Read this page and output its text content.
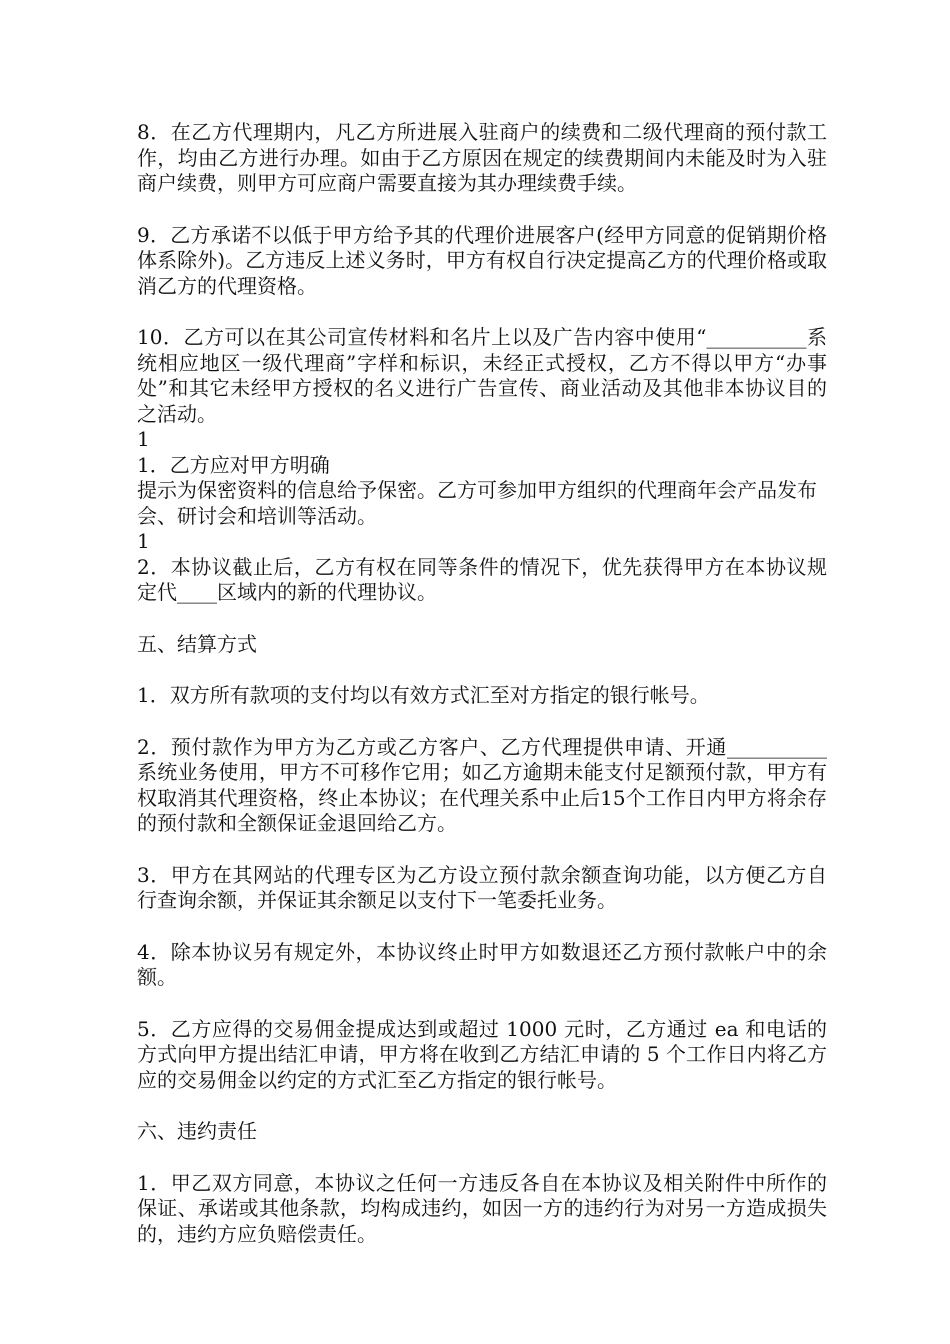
8．在乙方代理期内，凡乙方所进展入驻商户的续费和二级代理商的预付款工作，均由乙方进行办理。如由于乙方原因在规定的续费期间内未能及时为入驻商户续费，则甲方可应商户需要直接为其办理续费手续。

9．乙方承诺不以低于甲方给予其的代理价进展客户(经甲方同意的促销期价格体系除外)。乙方违反上述义务时，甲方有权自行决定提高乙方的代理价格或取消乙方的代理资格。

10．乙方可以在其公司宣传材料和名片上以及广告内容中使用“__________系统相应地区一级代理商”字样和标识，未经正式授权，乙方不得以甲方“办事处”和其它未经甲方授权的名义进行广告宣传、商业活动及其他非本协议目的之活动。

1

1．乙方应对甲方明确

提示为保密资料的信息给予保密。乙方可参加甲方组织的代理商年会产品发布会、研讨会和培训等活动。

1

2．本协议截止后，乙方有权在同等条件的情况下，优先获得甲方在本协议规定代____区域内的新的代理协议。

五、结算方式

1．双方所有款项的支付均以有效方式汇至对方指定的银行帐号。

2．预付款作为甲方为乙方或乙方客户、乙方代理提供申请、开通__________系统业务使用，甲方不可移作它用；如乙方逾期未能支付足额预付款，甲方有权取消其代理资格，终止本协议；在代理关系中止后15个工作日内甲方将余存的预付款和全额保证金退回给乙方。

3．甲方在其网站的代理专区为乙方设立预付款余额查询功能，以方便乙方自行查询余额，并保证其余额足以支付下一笔委托业务。

4．除本协议另有规定外，本协议终止时甲方如数退还乙方预付款帐户中的余额。

5．乙方应得的交易佣金提成达到或超过 1000 元时，乙方通过 ea 和电话的方式向甲方提出结汇申请，甲方将在收到乙方结汇申请的 5 个工作日内将乙方应的交易佣金以约定的方式汇至乙方指定的银行帐号。

六、违约责任

1．甲乙双方同意，本协议之任何一方违反各自在本协议及相关附件中所作的保证、承诺或其他条款，均构成违约，如因一方的违约行为对另一方造成损失的，违约方应负赔偿责任。
